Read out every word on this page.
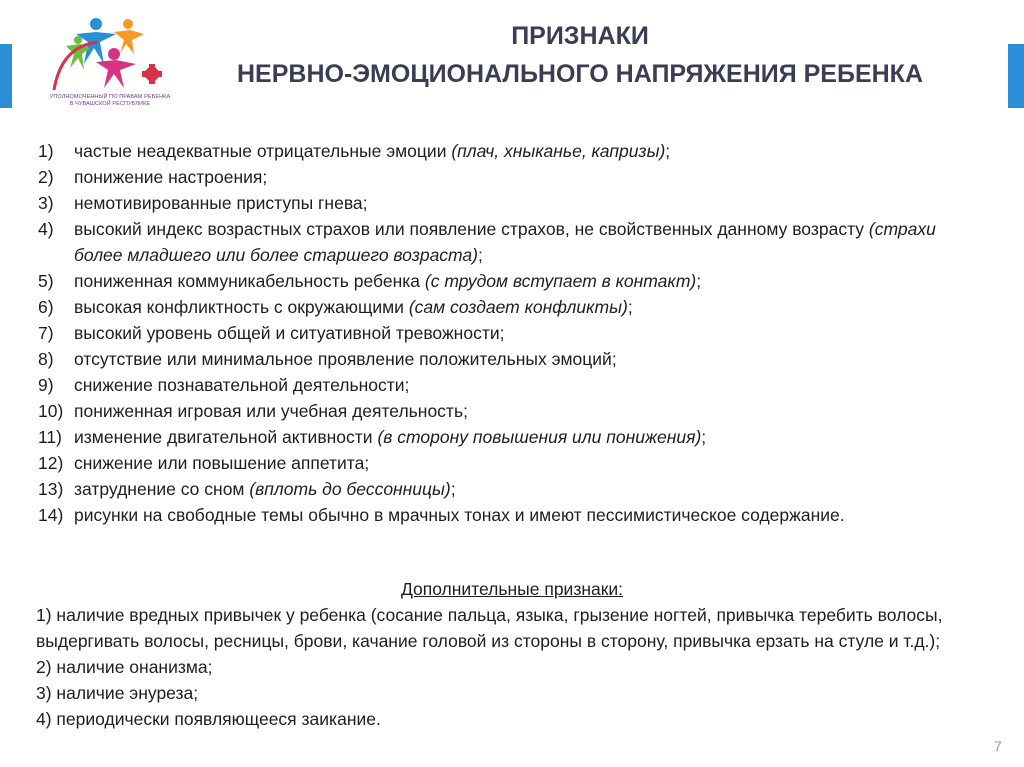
УПОЛНОМОЧЕННЫЙ ПО ПРАВАМ РЕБЕНКА
В ЧУВАШСКОЙ РЕСПУБЛИКЕ
ПРИЗНАКИ
НЕРВНО-ЭМОЦИОНАЛЬНОГО НАПРЯЖЕНИЯ РЕБЕНКА
1) частые неадекватные отрицательные эмоции (плач, хныканье, капризы);
2) понижение настроения;
3) немотивированные приступы гнева;
4) высокий индекс возрастных страхов или появление страхов, не свойственных данному возрасту (страхи более младшего или более старшего возраста);
5) пониженная коммуникабельность ребенка (с трудом вступает в контакт);
6) высокая конфликтность с окружающими (сам создает конфликты);
7) высокий уровень общей и ситуативной тревожности;
8) отсутствие или минимальное проявление положительных эмоций;
9) снижение познавательной деятельности;
10) пониженная игровая или учебная деятельность;
11) изменение двигательной активности (в сторону повышения или понижения);
12) снижение или повышение аппетита;
13) затруднение со сном (вплоть до бессонницы);
14) рисунки на свободные темы обычно в мрачных тонах и имеют пессимистическое содержание.
Дополнительные признаки:
1) наличие вредных привычек у ребенка (сосание пальца, языка, грызение ногтей, привычка теребить волосы, выдергивать волосы, ресницы, брови, качание головой из стороны в сторону, привычка ерзать на стуле и т.д.);
2) наличие онанизма;
3) наличие энуреза;
4) периодически появляющееся заикание.
7
